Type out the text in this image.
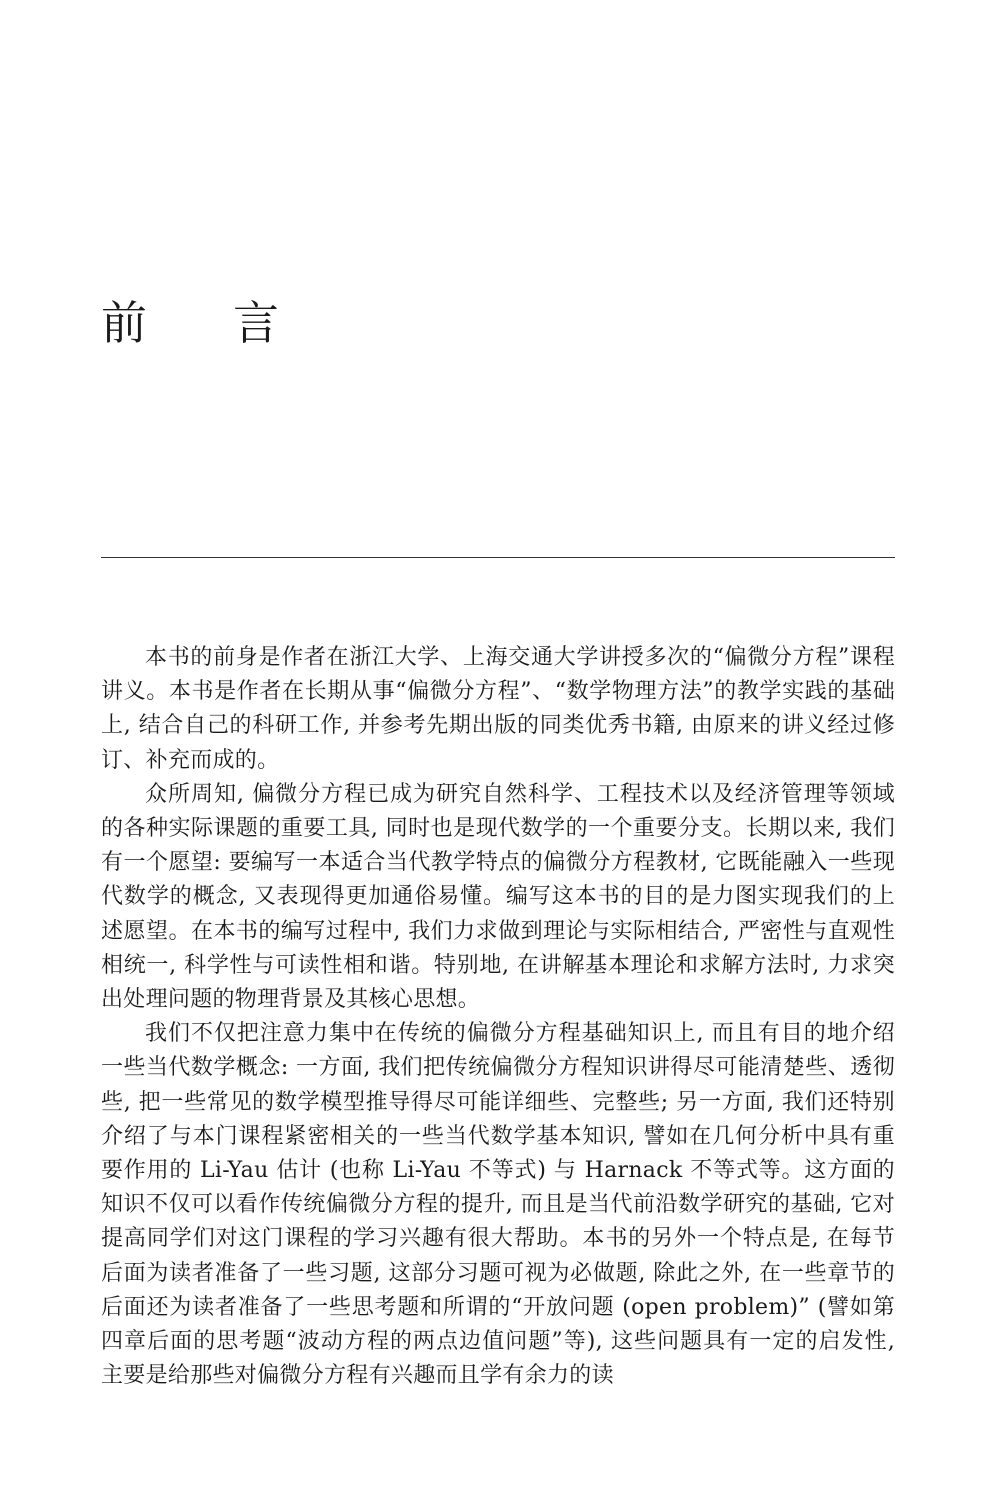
前	言

本书的前身是作者在浙江大学、上海交通大学讲授多次的“偏微分方程”课程讲义。本书是作者在长期从事“偏微分方程”、“数学物理方法”的教学实践的基础上, 结合自己的科研工作, 并参考先期出版的同类优秀书籍, 由原来的讲义经过修订、补充而成的。

众所周知, 偏微分方程已成为研究自然科学、工程技术以及经济管理等领域的各种实际课题的重要工具, 同时也是现代数学的一个重要分支。长期以来, 我们有一个愿望: 要编写一本适合当代教学特点的偏微分方程教材, 它既能融入一些现代数学的概念, 又表现得更加通俗易懂。编写这本书的目的是力图实现我们的上述愿望。在本书的编写过程中, 我们力求做到理论与实际相结合, 严密性与直观性相统一, 科学性与可读性相和谐。特别地, 在讲解基本理论和求解方法时, 力求突出处理问题的物理背景及其核心思想。

我们不仅把注意力集中在传统的偏微分方程基础知识上, 而且有目的地介绍一些当代数学概念: 一方面, 我们把传统偏微分方程知识讲得尽可能清楚些、透彻些, 把一些常见的数学模型推导得尽可能详细些、完整些; 另一方面, 我们还特别介绍了与本门课程紧密相关的一些当代数学基本知识, 譬如在几何分析中具有重要作用的 Li-Yau 估计 (也称 Li-Yau 不等式) 与 Harnack 不等式等。这方面的知识不仅可以看作传统偏微分方程的提升, 而且是当代前沿数学研究的基础, 它对提高同学们对这门课程的学习兴趣有很大帮助。本书的另外一个特点是, 在每节后面为读者准备了一些习题, 这部分习题可视为必做题, 除此之外, 在一些章节的后面还为读者准备了一些思考题和所谓的“开放问题 (open problem)” (譬如第四章后面的思考题“波动方程的两点边值问题”等), 这些问题具有一定的启发性, 主要是给那些对偏微分方程有兴趣而且学有余力的读
